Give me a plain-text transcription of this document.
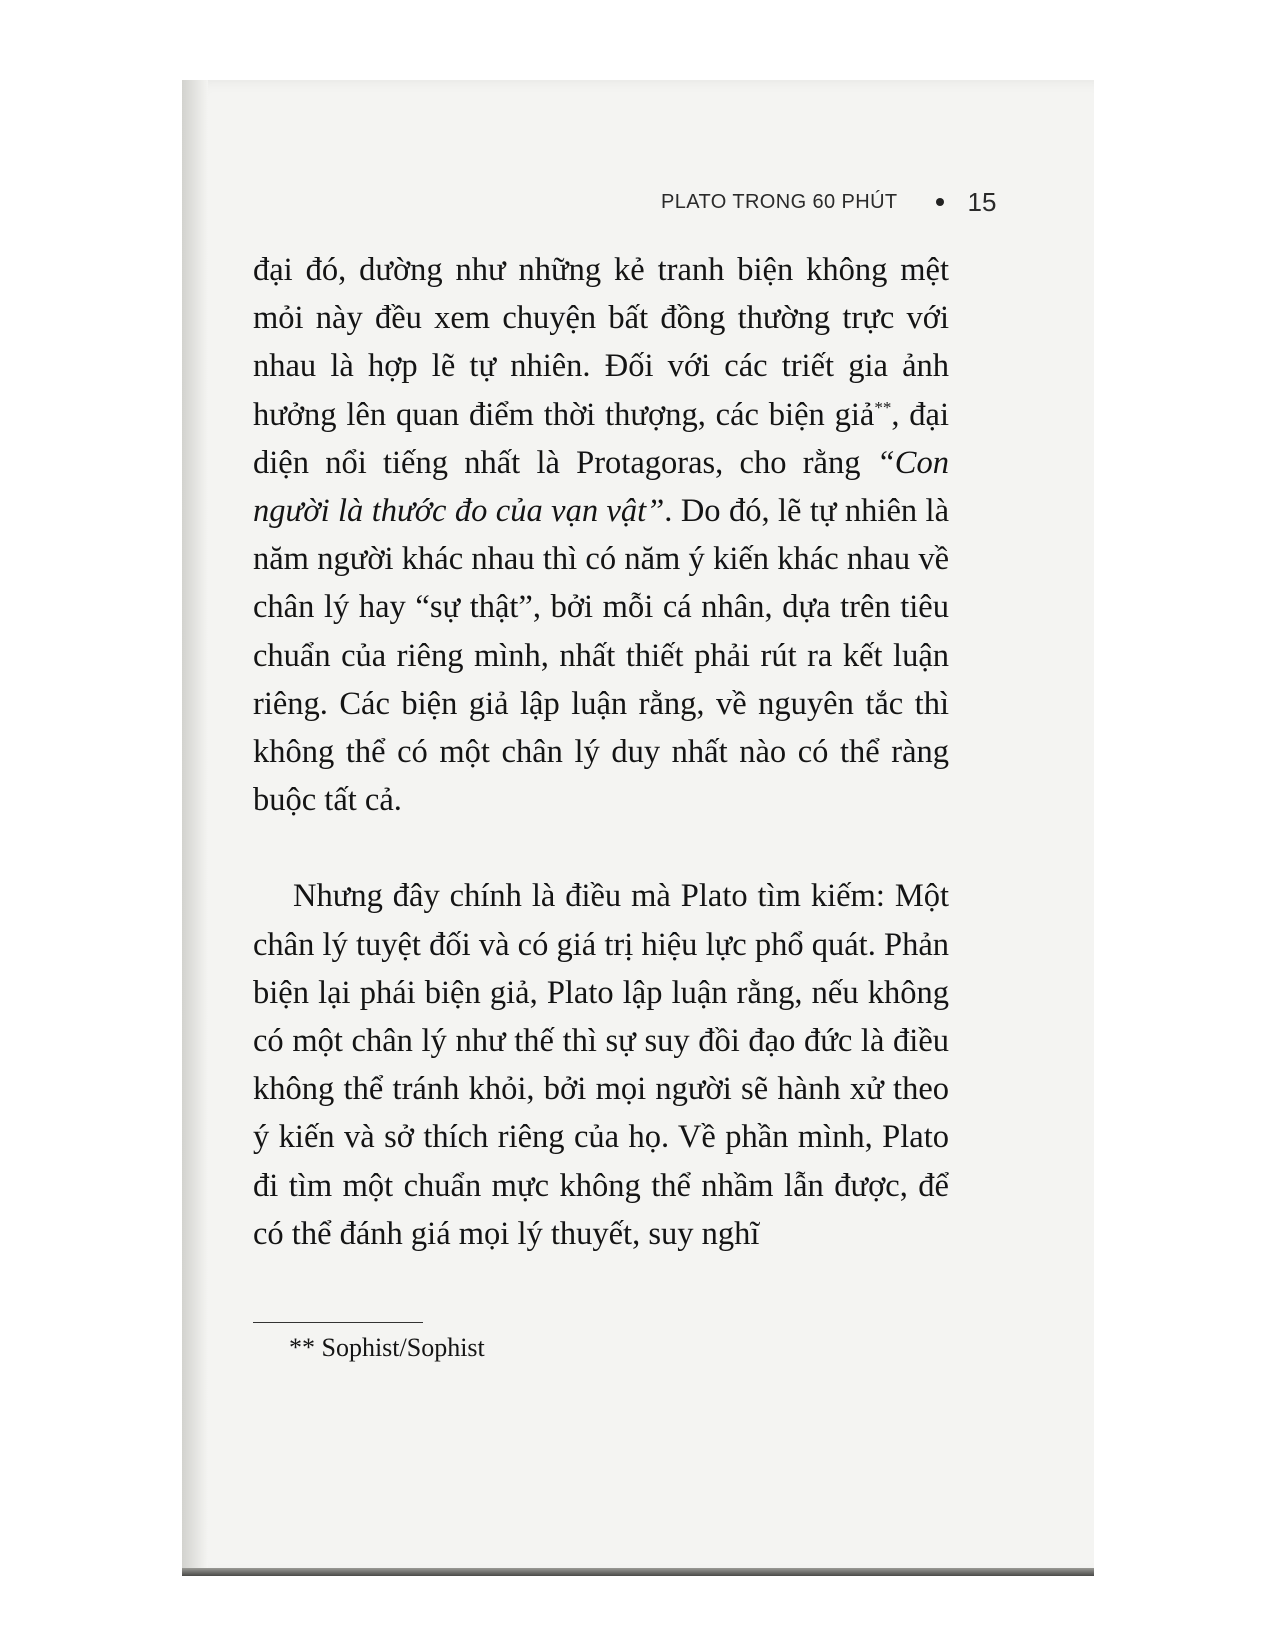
PLATO TRONG 60 PHÚT	15

đại đó, dường như những kẻ tranh biện không mệt mỏi này đều xem chuyện bất đồng thường trực với nhau là hợp lẽ tự nhiên. Đối với các triết gia ảnh hưởng lên quan điểm thời thượng, các biện giả**, đại diện nổi tiếng nhất là Protagoras, cho rằng “Con người là thước đo của vạn vật”. Do đó, lẽ tự nhiên là năm người khác nhau thì có năm ý kiến khác nhau về chân lý hay “sự thật”, bởi mỗi cá nhân, dựa trên tiêu chuẩn của riêng mình, nhất thiết phải rút ra kết luận riêng. Các biện giả lập luận rằng, về nguyên tắc thì không thể có một chân lý duy nhất nào có thể ràng buộc tất cả.

Nhưng đây chính là điều mà Plato tìm kiếm: Một chân lý tuyệt đối và có giá trị hiệu lực phổ quát. Phản biện lại phái biện giả, Plato lập luận rằng, nếu không có một chân lý như thế thì sự suy đồi đạo đức là điều không thể tránh khỏi, bởi mọi người sẽ hành xử theo ý kiến và sở thích riêng của họ. Về phần mình, Plato đi tìm một chuẩn mực không thể nhầm lẫn được, để có thể đánh giá mọi lý thuyết, suy nghĩ

** Sophist/Sophist
